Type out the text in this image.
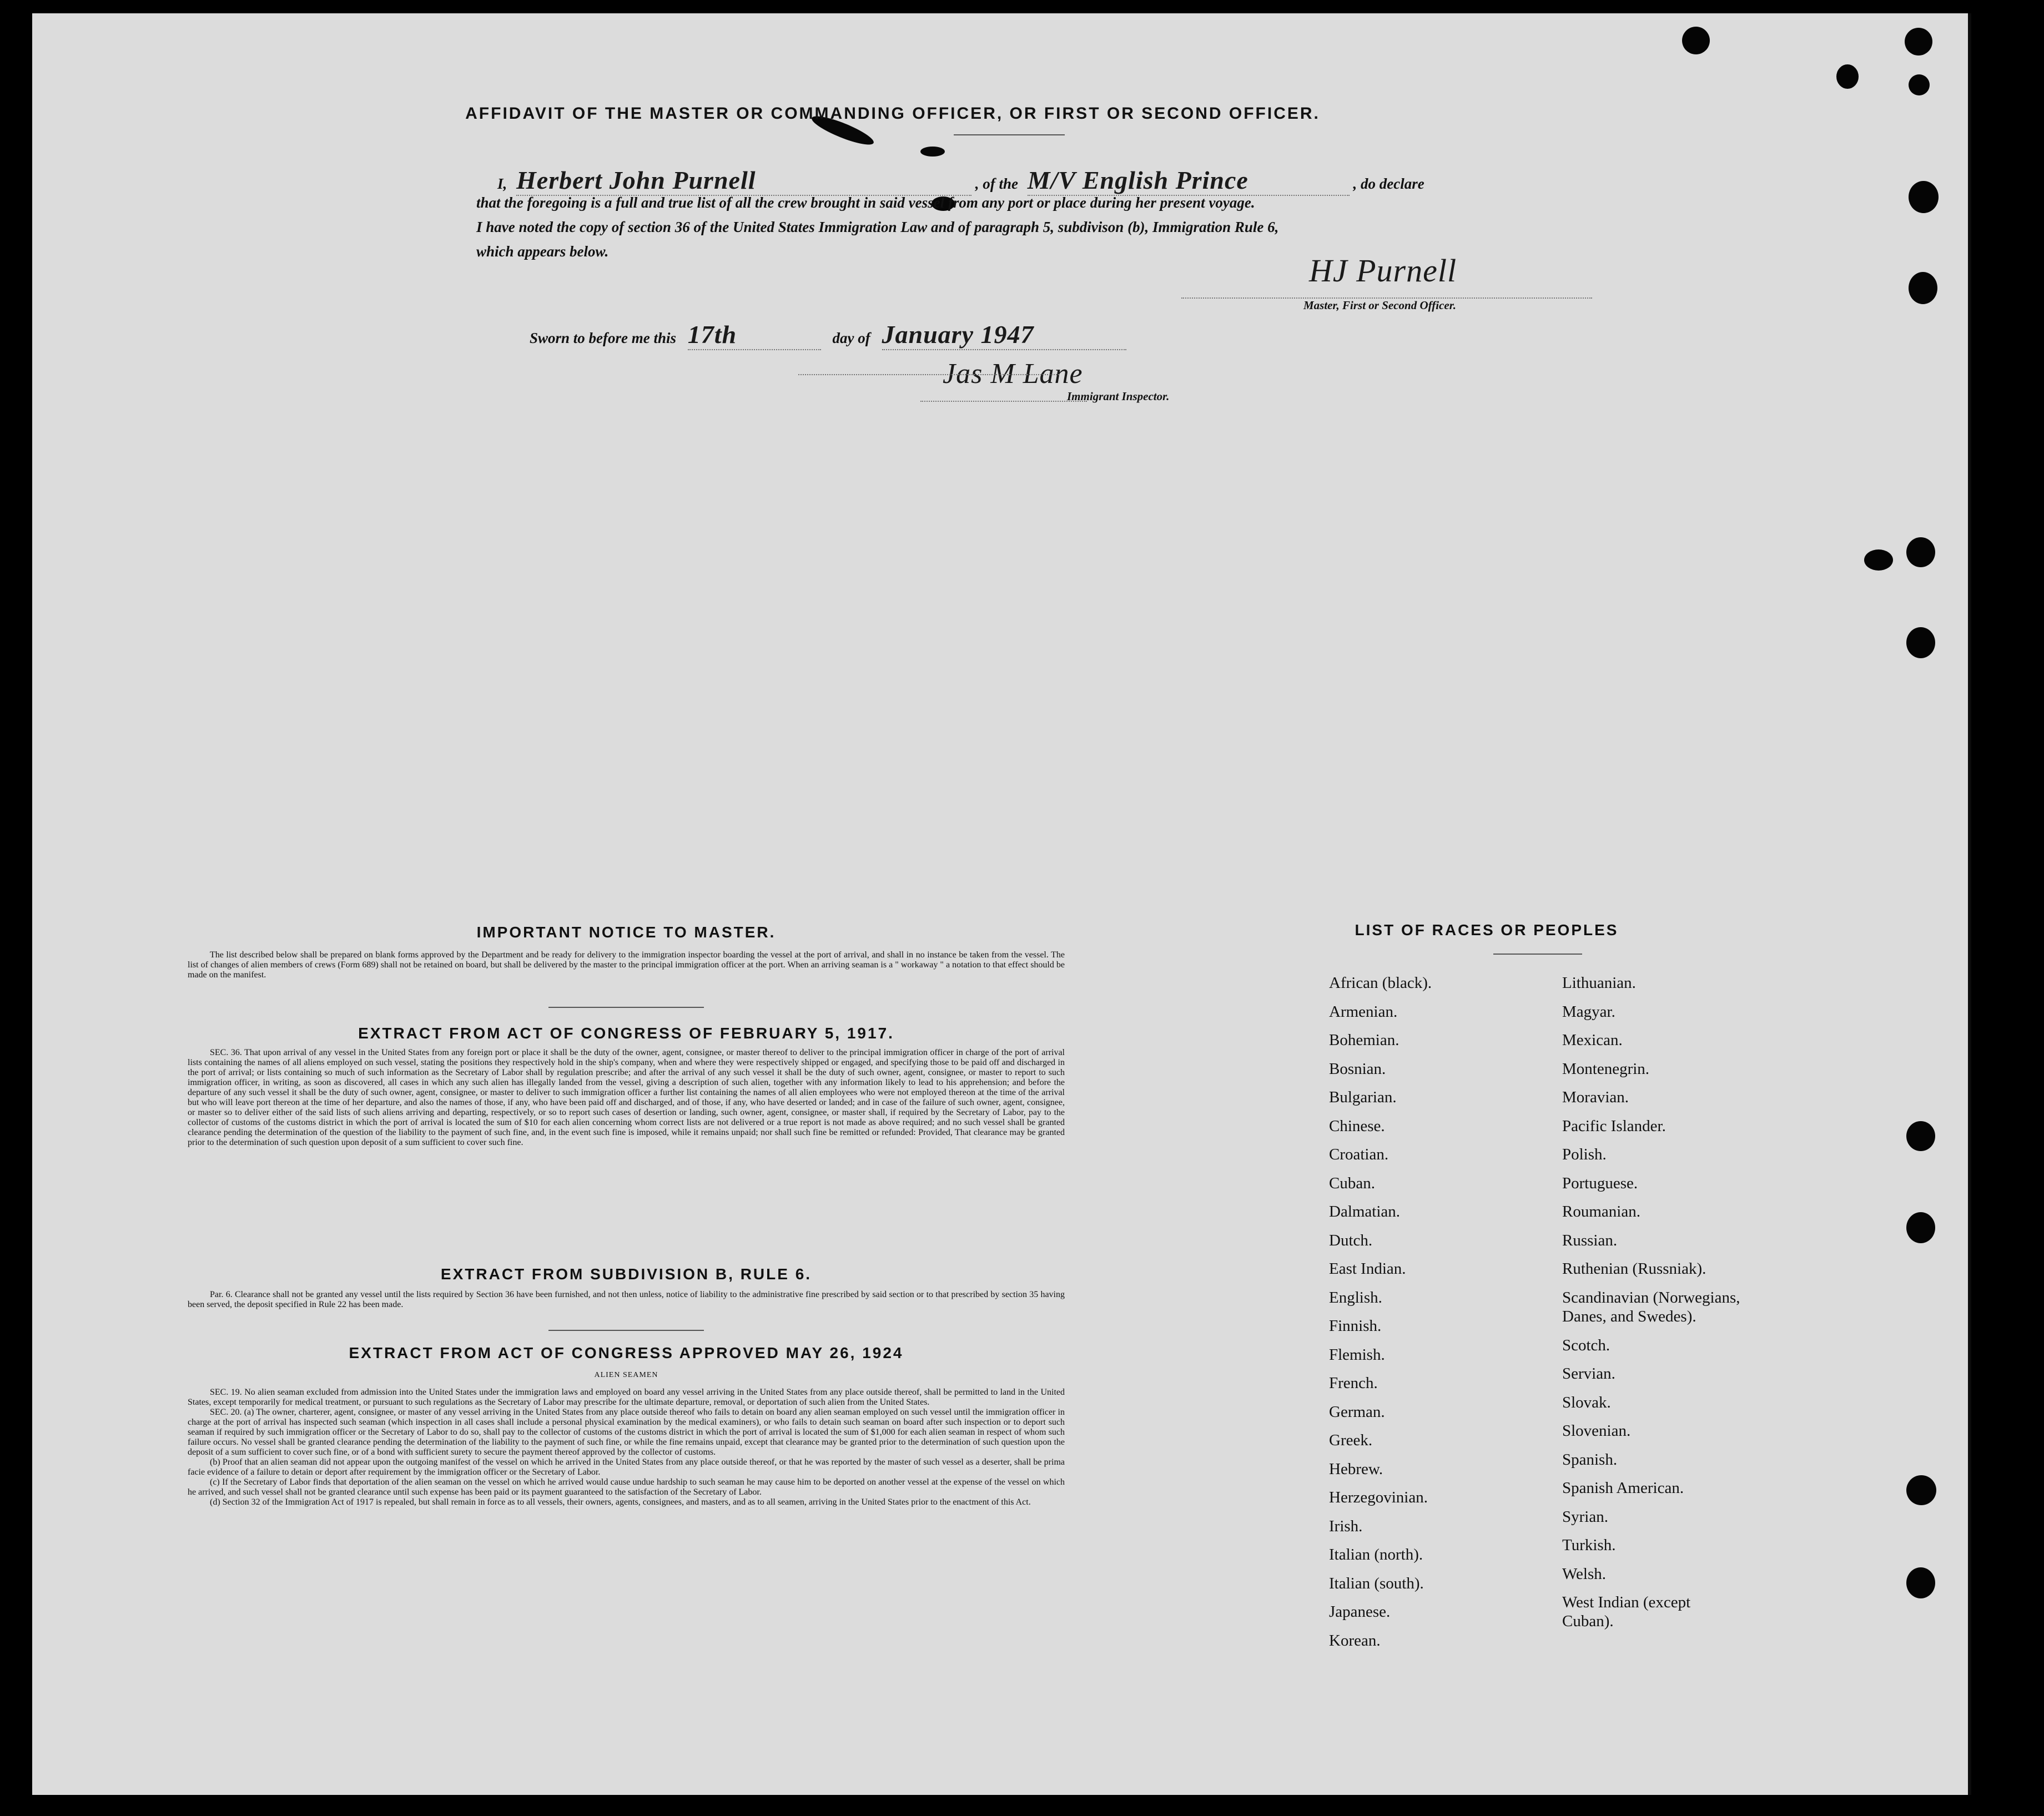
AFFIDAVIT OF THE MASTER OR COMMANDING OFFICER, OR FIRST OR SECOND OFFICER.
I, Herbert John Purnell	, of the M/V English Prince	, do declare
that the foregoing is a full and true list of all the crew brought in said vessel from any port or place during her present voyage.
I have noted the copy of section 36 of the United States Immigration Law and of paragraph 5, subdivison (b), Immigration Rule 6,
which appears below.
HJ Purnell
Master, First or Second Officer.
Sworn to before me this 17th	day of January 1947
Jas M Lane
Immigrant Inspector.
IMPORTANT NOTICE TO MASTER.

The list described below shall be prepared on blank forms approved by the Department and be ready for delivery to the immigration inspector boarding the vessel at the port of arrival, and shall in no instance be taken from the vessel. The list of changes of alien members of crews (Form 689) shall not be retained on board, but shall be delivered by the master to the principal immigration officer at the port. When an arriving seaman is a " workaway " a notation to that effect should be made on the manifest.

EXTRACT FROM ACT OF CONGRESS OF FEBRUARY 5, 1917.

SEC. 36. That upon arrival of any vessel in the United States from any foreign port or place it shall be the duty of the owner, agent, consignee, or master thereof to deliver to the principal immigration officer in charge of the port of arrival lists containing the names of all aliens employed on such vessel, stating the positions they respectively hold in the ship's company, when and where they were respectively shipped or engaged, and specifying those to be paid off and discharged in the port of arrival; or lists containing so much of such information as the Secretary of Labor shall by regulation prescribe; and after the arrival of any such vessel it shall be the duty of such owner, agent, consignee, or master to report to such immigration officer, in writing, as soon as discovered, all cases in which any such alien has illegally landed from the vessel, giving a description of such alien, together with any information likely to lead to his apprehension; and before the departure of any such vessel it shall be the duty of such owner, agent, consignee, or master to deliver to such immigration officer a further list containing the names of all alien employees who were not employed thereon at the time of the arrival but who will leave port thereon at the time of her departure, and also the names of those, if any, who have been paid off and discharged, and of those, if any, who have deserted or landed; and in case of the failure of such owner, agent, consignee, or master so to deliver either of the said lists of such aliens arriving and departing, respectively, or so to report such cases of desertion or landing, such owner, agent, consignee, or master shall, if required by the Secretary of Labor, pay to the collector of customs of the customs district in which the port of arrival is located the sum of $10 for each alien concerning whom correct lists are not delivered or a true report is not made as above required; and no such vessel shall be granted clearance pending the determination of the question of the liability to the payment of such fine, and, in the event such fine is imposed, while it remains unpaid; nor shall such fine be remitted or refunded: Provided, That clearance may be granted prior to the determination of such question upon deposit of a sum sufficient to cover such fine.

EXTRACT FROM SUBDIVISION B, RULE 6.

Par. 6. Clearance shall not be granted any vessel until the lists required by Section 36 have been furnished, and not then unless, notice of liability to the administrative fine prescribed by said section or to that prescribed by section 35 having been served, the deposit specified in Rule 22 has been made.

EXTRACT FROM ACT OF CONGRESS APPROVED MAY 26, 1924
ALIEN SEAMEN

SEC. 19. No alien seaman excluded from admission into the United States under the immigration laws and employed on board any vessel arriving in the United States from any place outside thereof, shall be permitted to land in the United States, except temporarily for medical treatment, or pursuant to such regulations as the Secretary of Labor may prescribe for the ultimate departure, removal, or deportation of such alien from the United States.

SEC. 20. (a) The owner, charterer, agent, consignee, or master of any vessel arriving in the United States from any place outside thereof who fails to detain on board any alien seaman employed on such vessel until the immigration officer in charge at the port of arrival has inspected such seaman (which inspection in all cases shall include a personal physical examination by the medical examiners), or who fails to detain such seaman on board after such inspection or to deport such seaman if required by such immigration officer or the Secretary of Labor to do so, shall pay to the collector of customs of the customs district in which the port of arrival is located the sum of $1,000 for each alien seaman in respect of whom such failure occurs. No vessel shall be granted clearance pending the determination of the liability to the payment of such fine, or while the fine remains unpaid, except that clearance may be granted prior to the determination of such question upon the deposit of a sum sufficient to cover such fine, or of a bond with sufficient surety to secure the payment thereof approved by the collector of customs.

(b) Proof that an alien seaman did not appear upon the outgoing manifest of the vessel on which he arrived in the United States from any place outside thereof, or that he was reported by the master of such vessel as a deserter, shall be prima facie evidence of a failure to detain or deport after requirement by the immigration officer or the Secretary of Labor.

(c) If the Secretary of Labor finds that deportation of the alien seaman on the vessel on which he arrived would cause undue hardship to such seaman he may cause him to be deported on another vessel at the expense of the vessel on which he arrived, and such vessel shall not be granted clearance until such expense has been paid or its payment guaranteed to the satisfaction of the Secretary of Labor.

(d) Section 32 of the Immigration Act of 1917 is repealed, but shall remain in force as to all vessels, their owners, agents, consignees, and masters, and as to all seamen, arriving in the United States prior to the enactment of this Act.

LIST OF RACES OR PEOPLES
African (black).
Armenian.
Bohemian.
Bosnian.
Bulgarian.
Chinese.
Croatian.
Cuban.
Dalmatian.
Dutch.
East Indian.
English.
Finnish.
Flemish.
French.
German.
Greek.
Hebrew.
Herzegovinian.
Irish.
Italian (north).
Italian (south).
Japanese.
Korean.
Lithuanian.
Magyar.
Mexican.
Montenegrin.
Moravian.
Pacific Islander.
Polish.
Portuguese.
Roumanian.
Russian.
Ruthenian (Russniak).
Scandinavian (Norwegians, Danes, and Swedes).
Scotch.
Servian.
Slovak.
Slovenian.
Spanish.
Spanish American.
Syrian.
Turkish.
Welsh.
West Indian (except Cuban).
